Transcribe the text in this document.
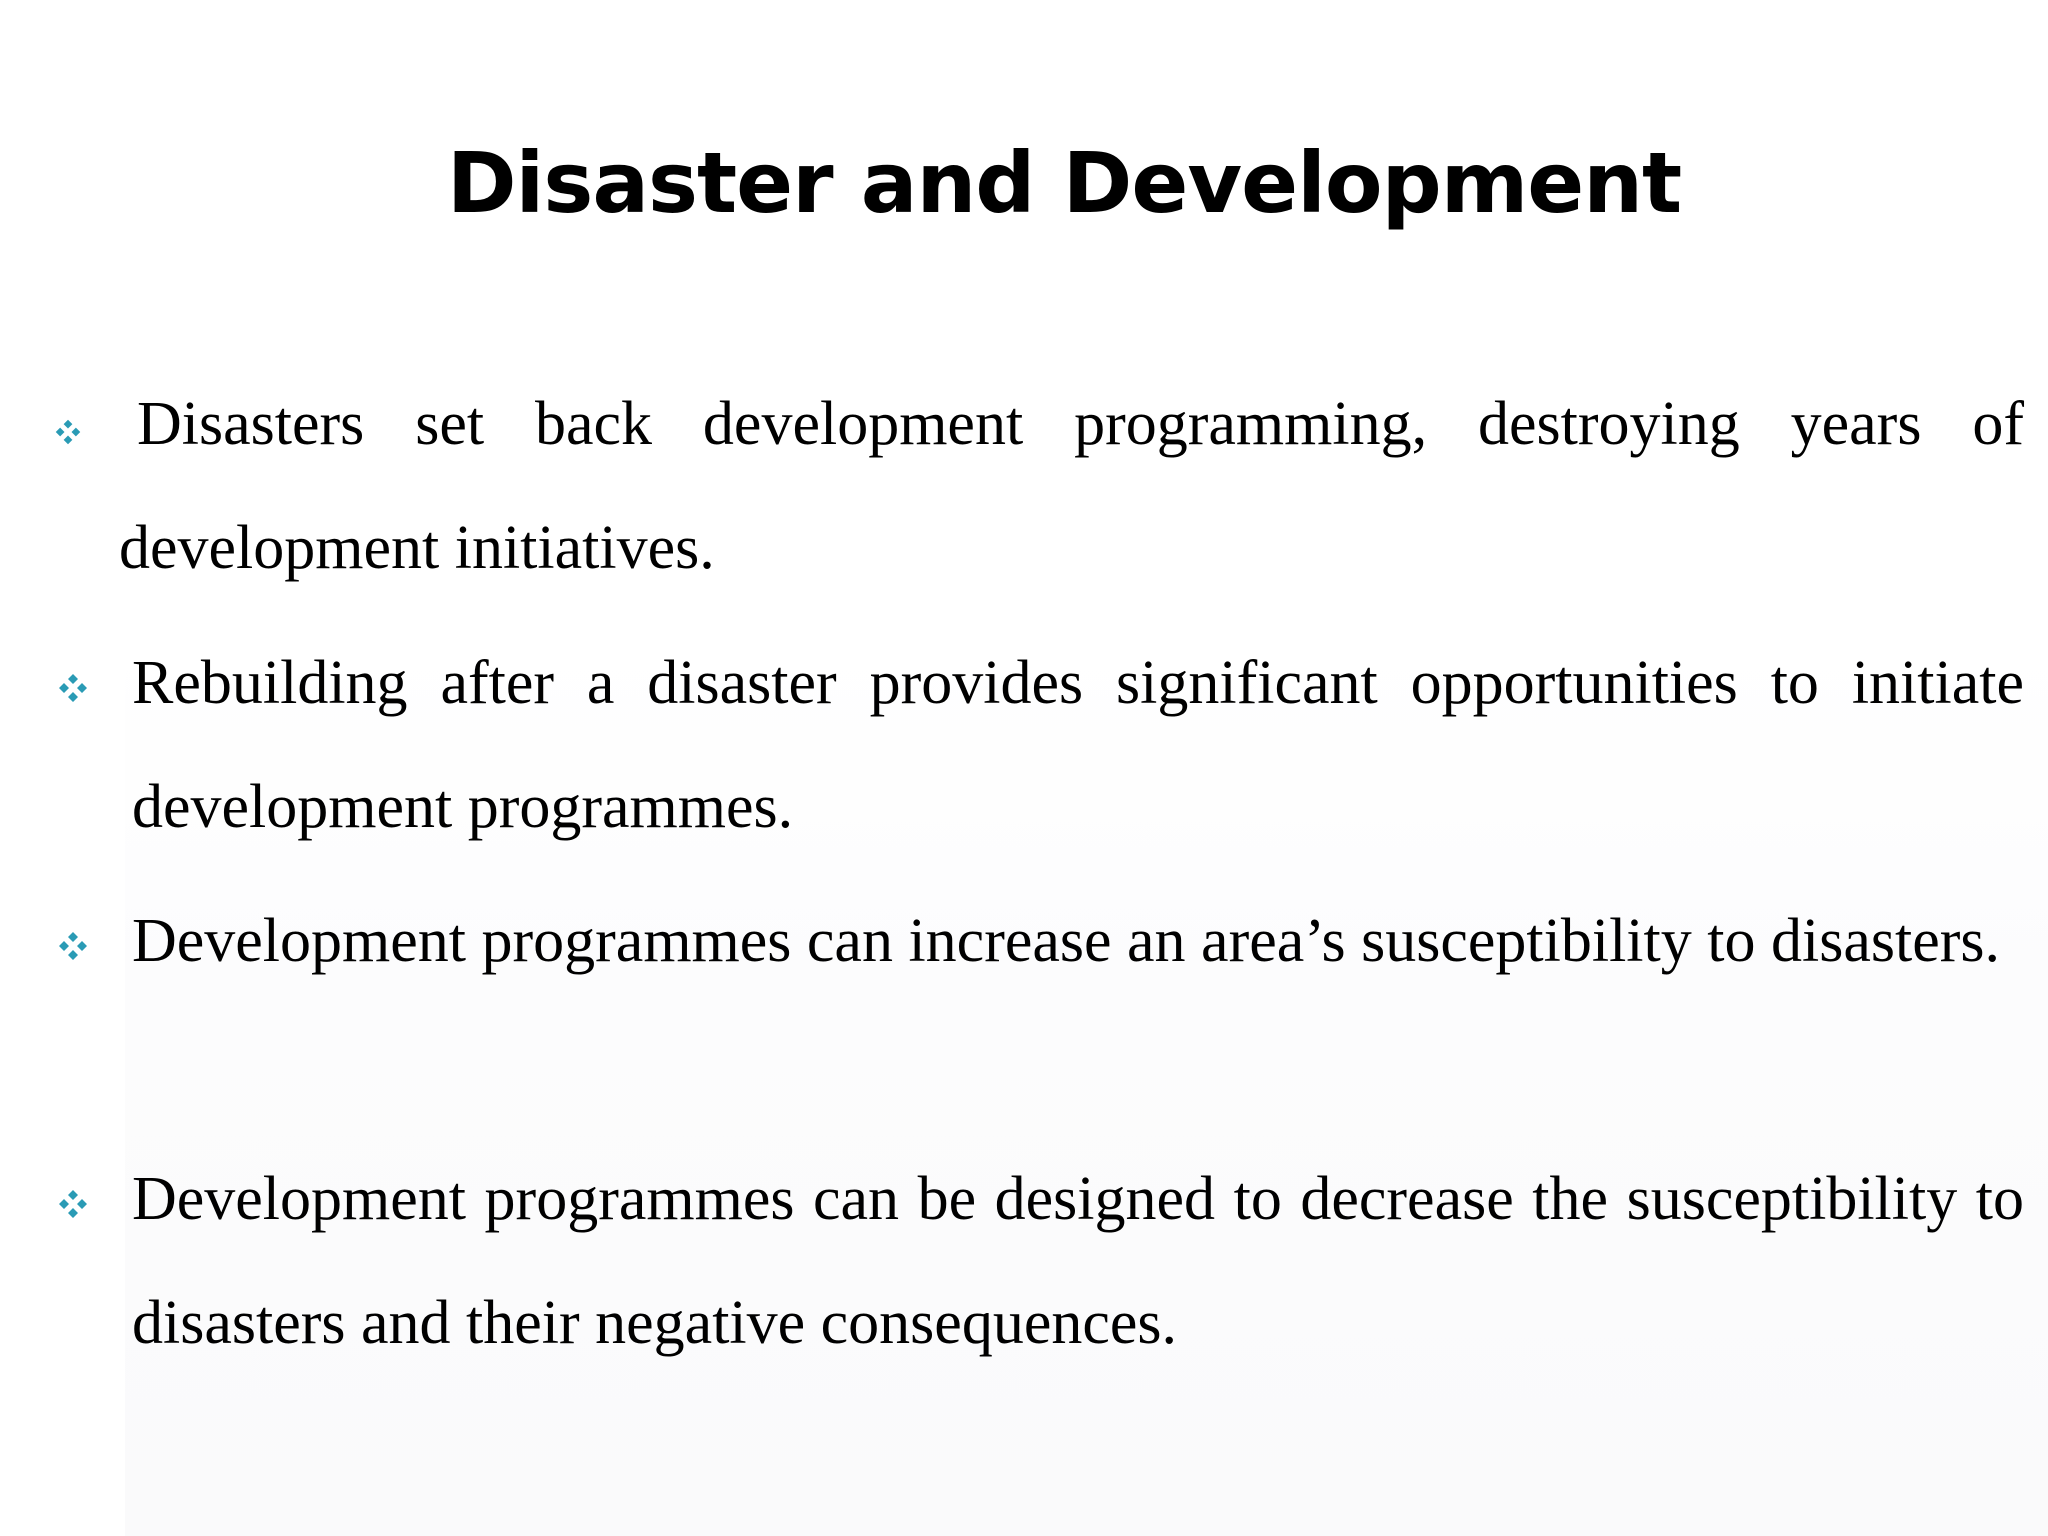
Disaster and Development

Disasters set back development programming, destroying years of development initiatives.

Rebuilding after a disaster provides significant opportunities to initiate development programmes.

Development programmes can increase an area’s susceptibility to disasters.

Development programmes can be designed to decrease the susceptibility to disasters and their negative consequences.
